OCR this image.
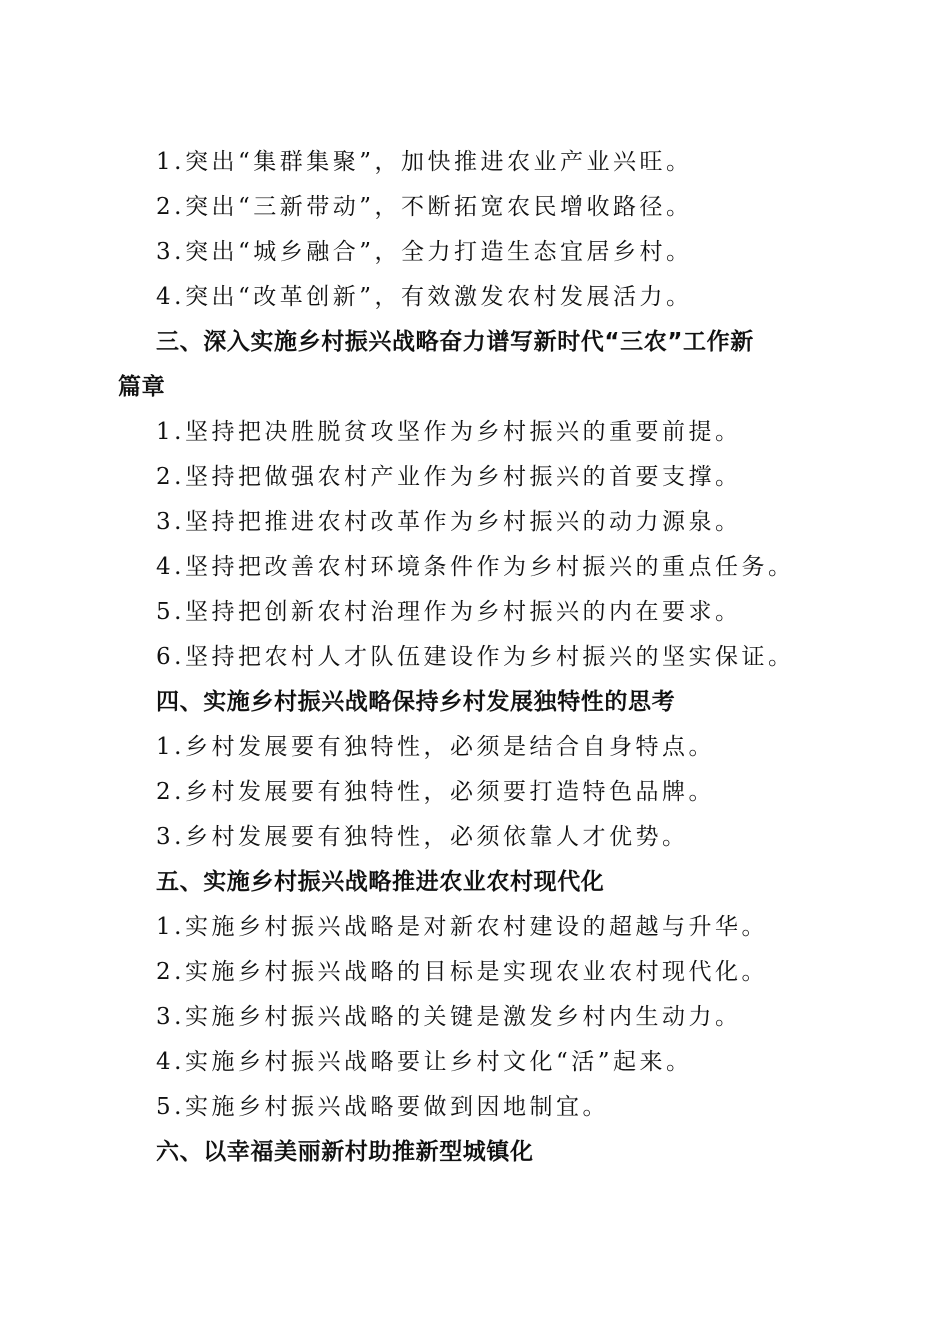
1.突出“集群集聚”，加快推进农业产业兴旺。
2.突出“三新带动”，不断拓宽农民增收路径。
3.突出“城乡融合”，全力打造生态宜居乡村。
4.突出“改革创新”，有效激发农村发展活力。
三、深入实施乡村振兴战略奋力谱写新时代“三农”工作新
篇章
1.坚持把决胜脱贫攻坚作为乡村振兴的重要前提。
2.坚持把做强农村产业作为乡村振兴的首要支撑。
3.坚持把推进农村改革作为乡村振兴的动力源泉。
4.坚持把改善农村环境条件作为乡村振兴的重点任务。
5.坚持把创新农村治理作为乡村振兴的内在要求。
6.坚持把农村人才队伍建设作为乡村振兴的坚实保证。
四、实施乡村振兴战略保持乡村发展独特性的思考
1.乡村发展要有独特性，必须是结合自身特点。
2.乡村发展要有独特性，必须要打造特色品牌。
3.乡村发展要有独特性，必须依靠人才优势。
五、实施乡村振兴战略推进农业农村现代化
1.实施乡村振兴战略是对新农村建设的超越与升华。
2.实施乡村振兴战略的目标是实现农业农村现代化。
3.实施乡村振兴战略的关键是激发乡村内生动力。
4.实施乡村振兴战略要让乡村文化“活”起来。
5.实施乡村振兴战略要做到因地制宜。
六、以幸福美丽新村助推新型城镇化
